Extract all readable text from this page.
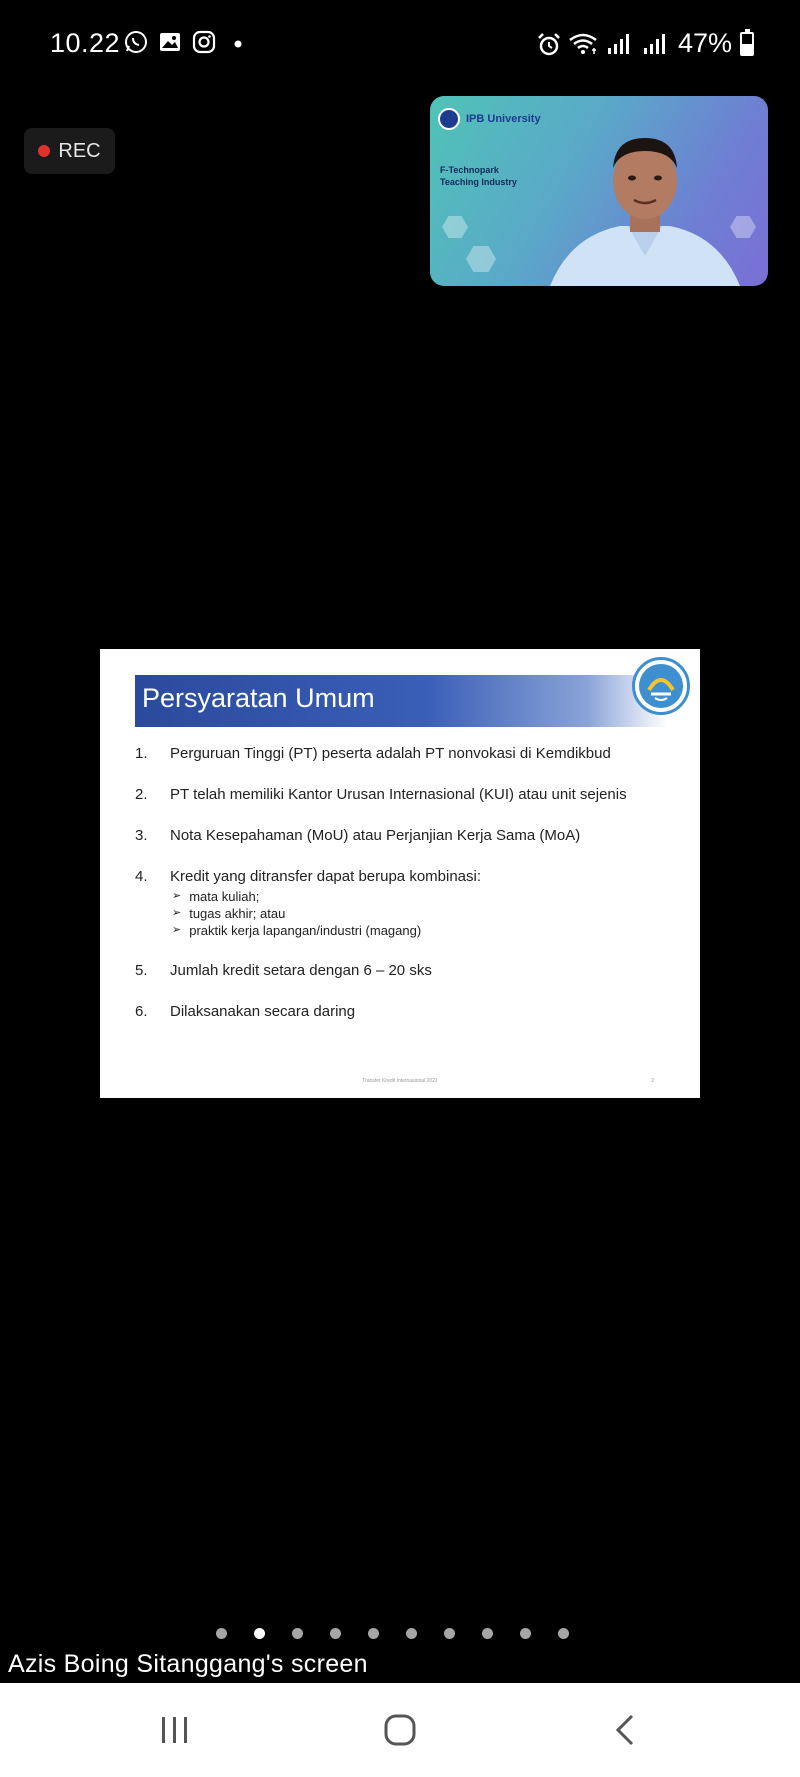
10.22	47%
REC
IPB University
F-Technopark
Teaching Industry
Persyaratan Umum
1.	Perguruan Tinggi (PT) peserta adalah PT nonvokasi di Kemdikbud
2.	PT telah memiliki Kantor Urusan Internasional (KUI) atau unit sejenis
3.	Nota Kesepahaman (MoU) atau Perjanjian Kerja Sama (MoA)
4.	Kredit yang ditransfer dapat berupa kombinasi:
➢ mata kuliah;
➢ tugas akhir; atau
➢ praktik kerja lapangan/industri (magang)
5.	Jumlah kredit setara dengan 6 – 20 sks
6.	Dilaksanakan secara daring
Transfer Kredit Internasional 2021	2
Azis Boing Sitanggang's screen
